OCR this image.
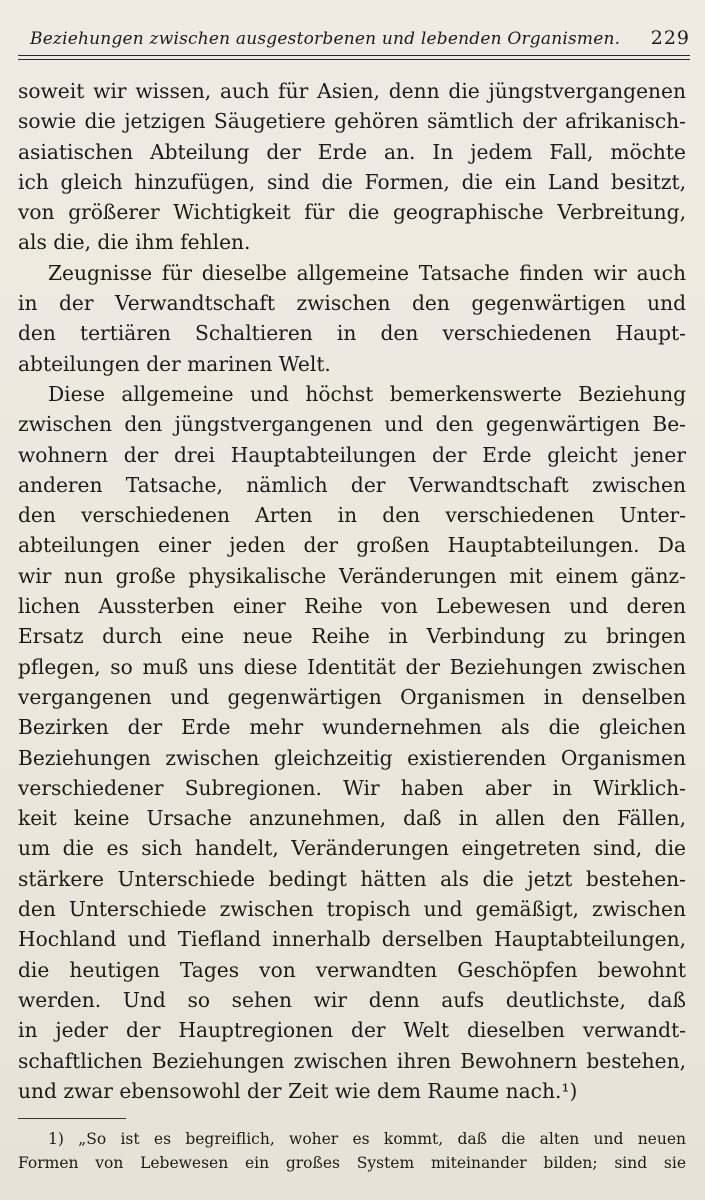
Beziehungen zwischen ausgestorbenen und lebenden Organismen. 229
soweit wir wissen, auch für Asien, denn die jüngstvergangenen
sowie die jetzigen Säugetiere gehören sämtlich der afrikanisch-
asiatischen Abteilung der Erde an. In jedem Fall, möchte
ich gleich hinzufügen, sind die Formen, die ein Land besitzt,
von größerer Wichtigkeit für die geographische Verbreitung,
als die, die ihm fehlen.
Zeugnisse für dieselbe allgemeine Tatsache finden wir auch
in der Verwandtschaft zwischen den gegenwärtigen und
den tertiären Schaltieren in den verschiedenen Haupt-
abteilungen der marinen Welt.
Diese allgemeine und höchst bemerkenswerte Beziehung
zwischen den jüngstvergangenen und den gegenwärtigen Be-
wohnern der drei Hauptabteilungen der Erde gleicht jener
anderen Tatsache, nämlich der Verwandtschaft zwischen
den verschiedenen Arten in den verschiedenen Unter-
abteilungen einer jeden der großen Hauptabteilungen. Da
wir nun große physikalische Veränderungen mit einem gänz-
lichen Aussterben einer Reihe von Lebewesen und deren
Ersatz durch eine neue Reihe in Verbindung zu bringen
pflegen, so muß uns diese Identität der Beziehungen zwischen
vergangenen und gegenwärtigen Organismen in denselben
Bezirken der Erde mehr wundernehmen als die gleichen
Beziehungen zwischen gleichzeitig existierenden Organismen
verschiedener Subregionen. Wir haben aber in Wirklich-
keit keine Ursache anzunehmen, daß in allen den Fällen,
um die es sich handelt, Veränderungen eingetreten sind, die
stärkere Unterschiede bedingt hätten als die jetzt bestehen-
den Unterschiede zwischen tropisch und gemäßigt, zwischen
Hochland und Tiefland innerhalb derselben Hauptabteilungen,
die heutigen Tages von verwandten Geschöpfen bewohnt
werden. Und so sehen wir denn aufs deutlichste, daß
in jeder der Hauptregionen der Welt dieselben verwandt-
schaftlichen Beziehungen zwischen ihren Bewohnern bestehen,
und zwar ebensowohl der Zeit wie dem Raume nach.¹)
1) „So ist es begreiflich, woher es kommt, daß die alten und neuen
Formen von Lebewesen ein großes System miteinander bilden; sind sie
